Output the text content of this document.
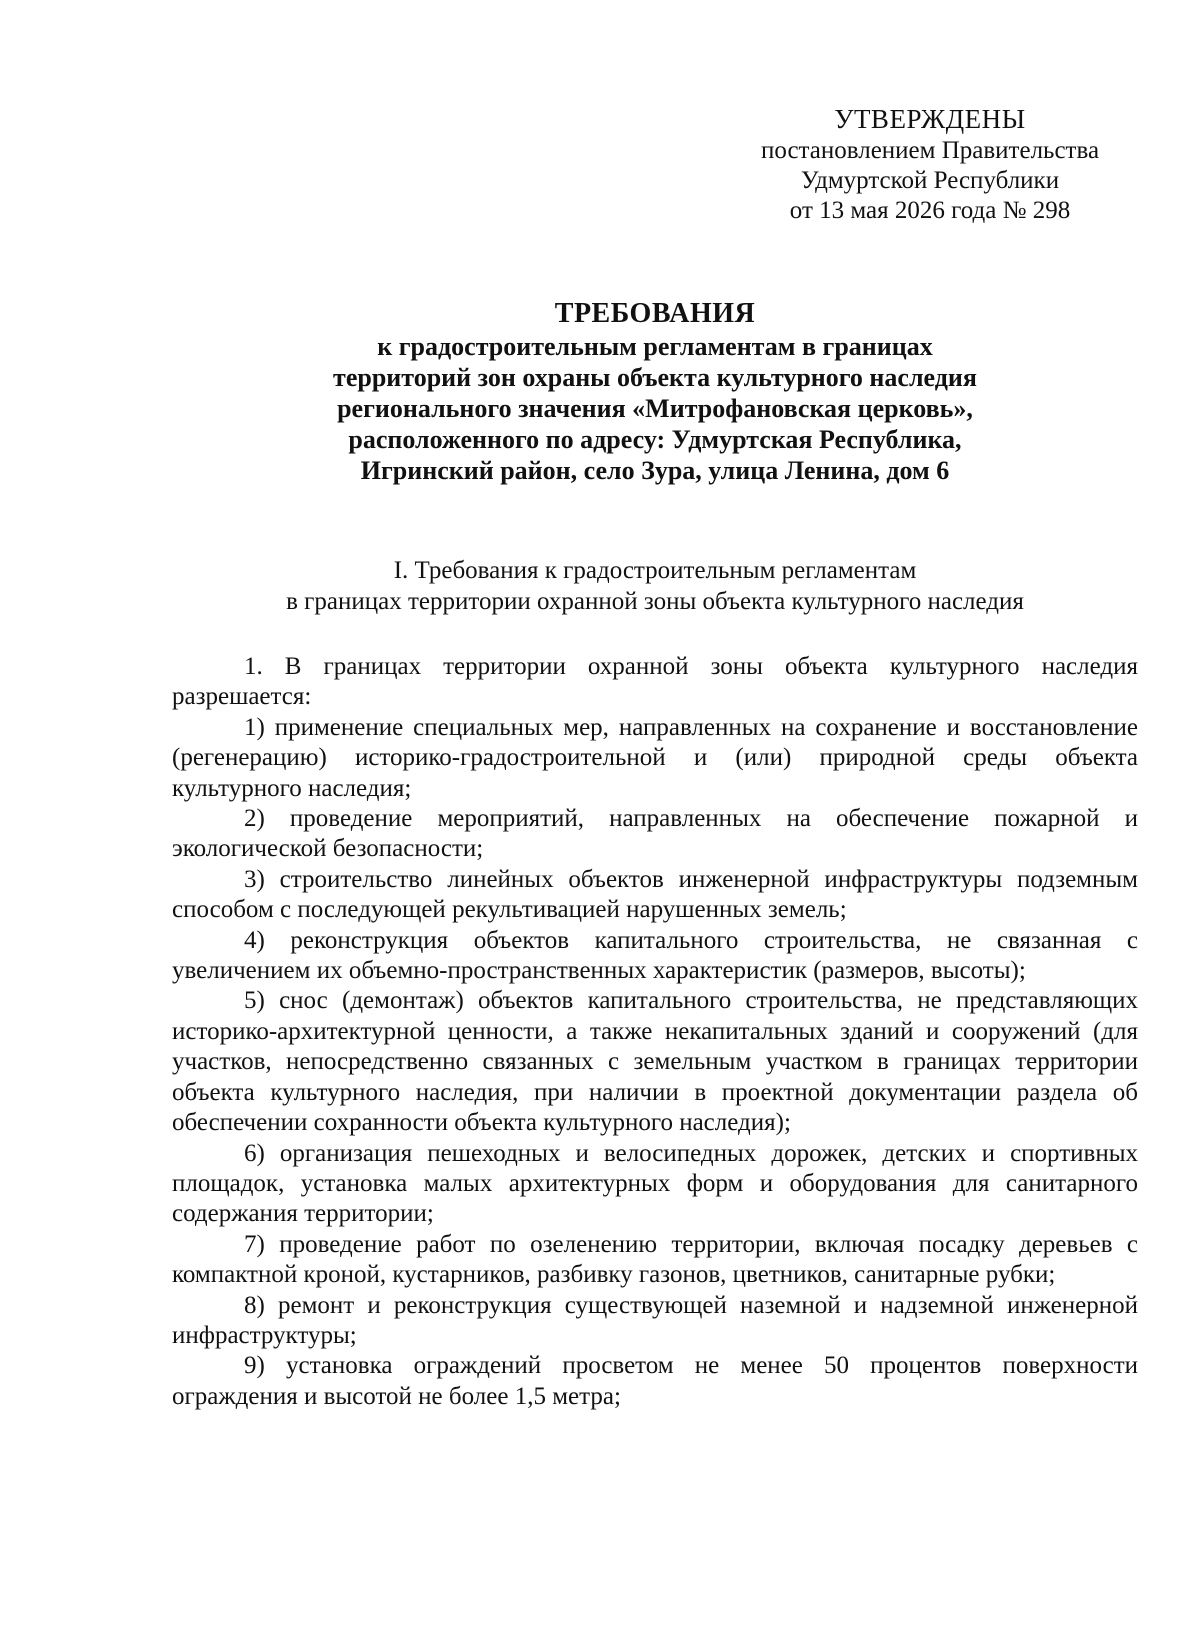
УТВЕРЖДЕНЫ
постановлением Правительства
Удмуртской Республики
от 13 мая 2026 года № 298
ТРЕБОВАНИЯ
к градостроительным регламентам в границах
территорий зон охраны объекта культурного наследия
регионального значения «Митрофановская церковь»,
расположенного по адресу: Удмуртская Республика,
Игринский район, село Зура, улица Ленина, дом 6
I. Требования к градостроительным регламентам
в границах территории охранной зоны объекта культурного наследия

1. В границах территории охранной зоны объекта культурного наследия разрешается:

1) применение специальных мер, направленных на сохранение и восстановление (регенерацию) историко-градостроительной и (или) природной среды объекта культурного наследия;

2) проведение мероприятий, направленных на обеспечение пожарной и экологической безопасности;

3) строительство линейных объектов инженерной инфраструктуры подземным способом с последующей рекультивацией нарушенных земель;

4) реконструкция объектов капитального строительства, не связанная с увеличением их объемно-пространственных характеристик (размеров, высоты);

5) снос (демонтаж) объектов капитального строительства, не представляющих историко-архитектурной ценности, а также некапитальных зданий и сооружений (для участков, непосредственно связанных с земельным участком в границах территории объекта культурного наследия, при наличии в проектной документации раздела об обеспечении сохранности объекта культурного наследия);

6) организация пешеходных и велосипедных дорожек, детских и спортивных площадок, установка малых архитектурных форм и оборудования для санитарного содержания территории;

7) проведение работ по озеленению территории, включая посадку деревьев с компактной кроной, кустарников, разбивку газонов, цветников, санитарные рубки;

8) ремонт и реконструкция существующей наземной и надземной инженерной инфраструктуры;

9) установка ограждений просветом не менее 50 процентов поверхности ограждения и высотой не более 1,5 метра;
